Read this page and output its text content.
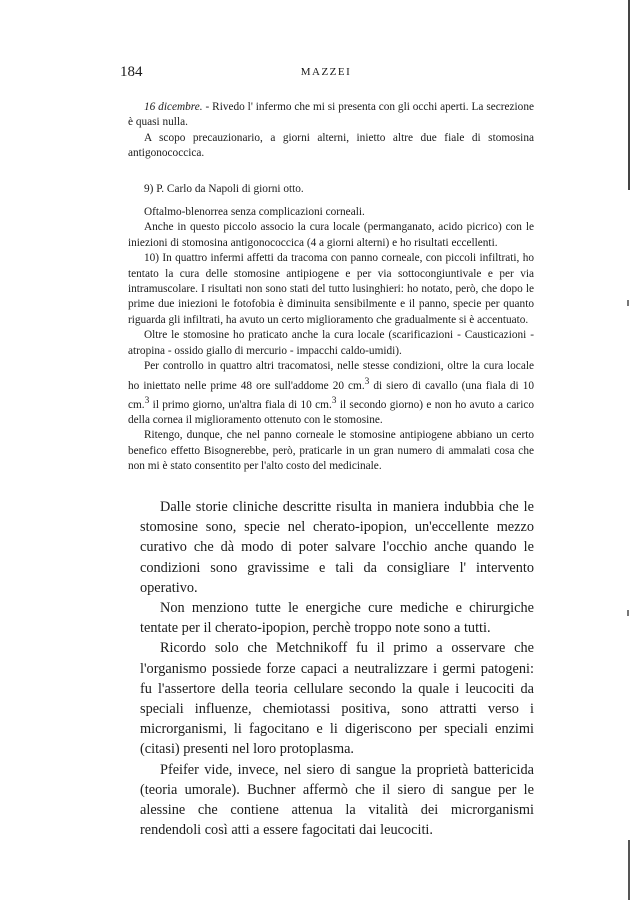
184	MAZZEI

16 dicembre. - Rivedo l' infermo che mi si presenta con gli occhi aperti. La secrezione è quasi nulla.

A scopo precauzionario, a giorni alterni, inietto altre due fiale di stomosina antigonococcica.

9) P. Carlo da Napoli di giorni otto.

Oftalmo-blenorrea senza complicazioni corneali.

Anche in questo piccolo associo la cura locale (permanganato, acido picrico) con le iniezioni di stomosina antigonococcica (4 a giorni alterni) e ho risultati eccellenti.

10) In quattro infermi affetti da tracoma con panno corneale, con piccoli infiltrati, ho tentato la cura delle stomosine antipiogene e per via sottocongiuntivale e per via intramuscolare. I risultati non sono stati del tutto lusinghieri: ho notato, però, che dopo le prime due iniezioni le fotofobia è diminuita sensibilmente e il panno, specie per quanto riguarda gli infiltrati, ha avuto un certo miglioramento che gradualmente si è accentuato.

Oltre le stomosine ho praticato anche la cura locale (scarificazioni - Causticazioni - atropina - ossido giallo di mercurio - impacchi caldo-umidi).

Per controllo in quattro altri tracomatosi, nelle stesse condizioni, oltre la cura locale ho iniettato nelle prime 48 ore sull'addome 20 cm.$^3$ di siero di cavallo (una fiala di 10 cm.$^3$ il primo giorno, un'altra fiala di 10 cm.$^3$ il secondo giorno) e non ho avuto a carico della cornea il miglioramento ottenuto con le stomosine.

Ritengo, dunque, che nel panno corneale le stomosine antipiogene abbiano un certo benefico effetto Bisognerebbe, però, praticarle in un gran numero di ammalati cosa che non mi è stato consentito per l'alto costo del medicinale.

Dalle storie cliniche descritte risulta in maniera indubbia che le stomosine sono, specie nel cherato-ipopion, un'eccellente mezzo curativo che dà modo di poter salvare l'occhio anche quando le condizioni sono gravissime e tali da consigliare l' intervento operativo.

Non menziono tutte le energiche cure mediche e chirurgiche tentate per il cherato-ipopion, perchè troppo note sono a tutti.

Ricordo solo che Metchnikoff fu il primo a osservare che l'organismo possiede forze capaci a neutralizzare i germi patogeni: fu l'assertore della teoria cellulare secondo la quale i leucociti da speciali influenze, chemiotassi positiva, sono attratti verso i microrganismi, li fagocitano e li digeriscono per speciali enzimi (citasi) presenti nel loro protoplasma.

Pfeifer vide, invece, nel siero di sangue la proprietà battericida (teoria umorale). Buchner affermò che il siero di sangue per le alessine che contiene attenua la vitalità dei microrganismi rendendoli così atti a essere fagocitati dai leucociti.
